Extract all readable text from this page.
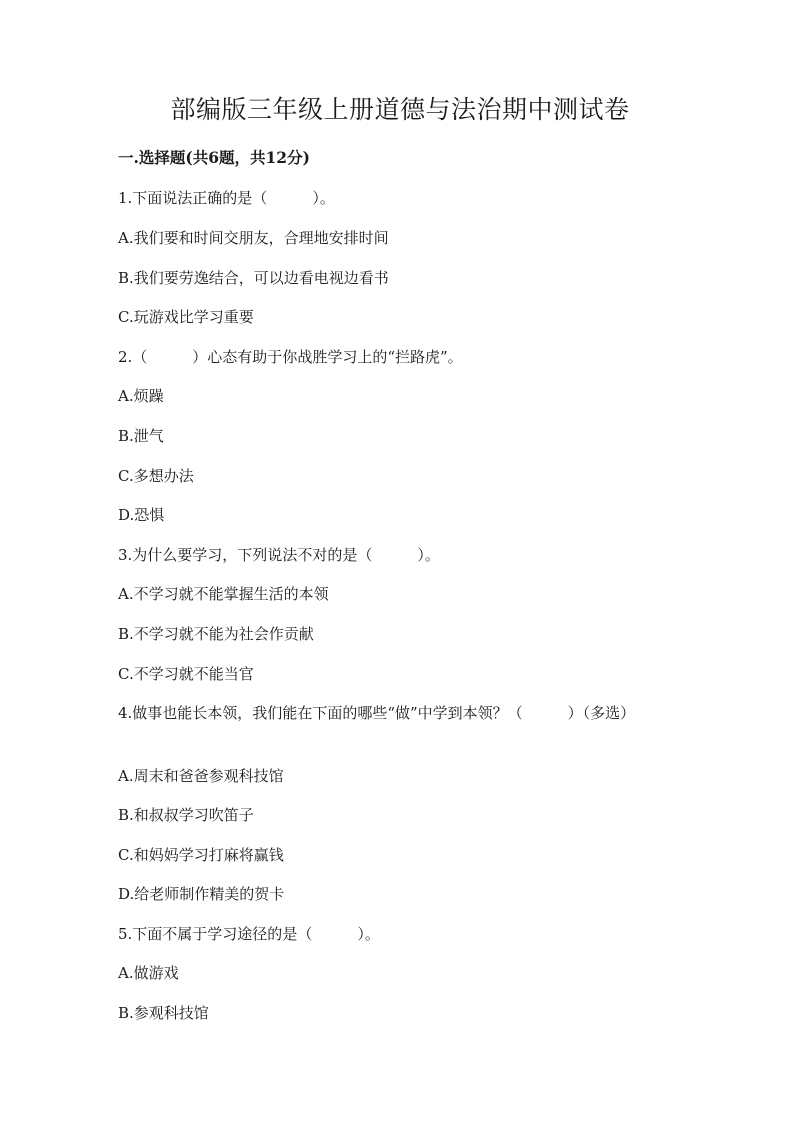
部编版三年级上册道德与法治期中测试卷
一.选择题(共6题，共12分)
1.下面说法正确的是（　　　）。
A.我们要和时间交朋友，合理地安排时间
B.我们要劳逸结合，可以边看电视边看书
C.玩游戏比学习重要
2.（　　　）心态有助于你战胜学习上的“拦路虎”。
A.烦躁
B.泄气
C.多想办法
D.恐惧
3.为什么要学习，下列说法不对的是（　　　）。
A.不学习就不能掌握生活的本领
B.不学习就不能为社会作贡献
C.不学习就不能当官
4.做事也能长本领，我们能在下面的哪些“做”中学到本领？（　　　）（多选）
A.周末和爸爸参观科技馆
B.和叔叔学习吹笛子
C.和妈妈学习打麻将赢钱
D.给老师制作精美的贺卡
5.下面不属于学习途径的是（　　　）。
A.做游戏
B.参观科技馆
